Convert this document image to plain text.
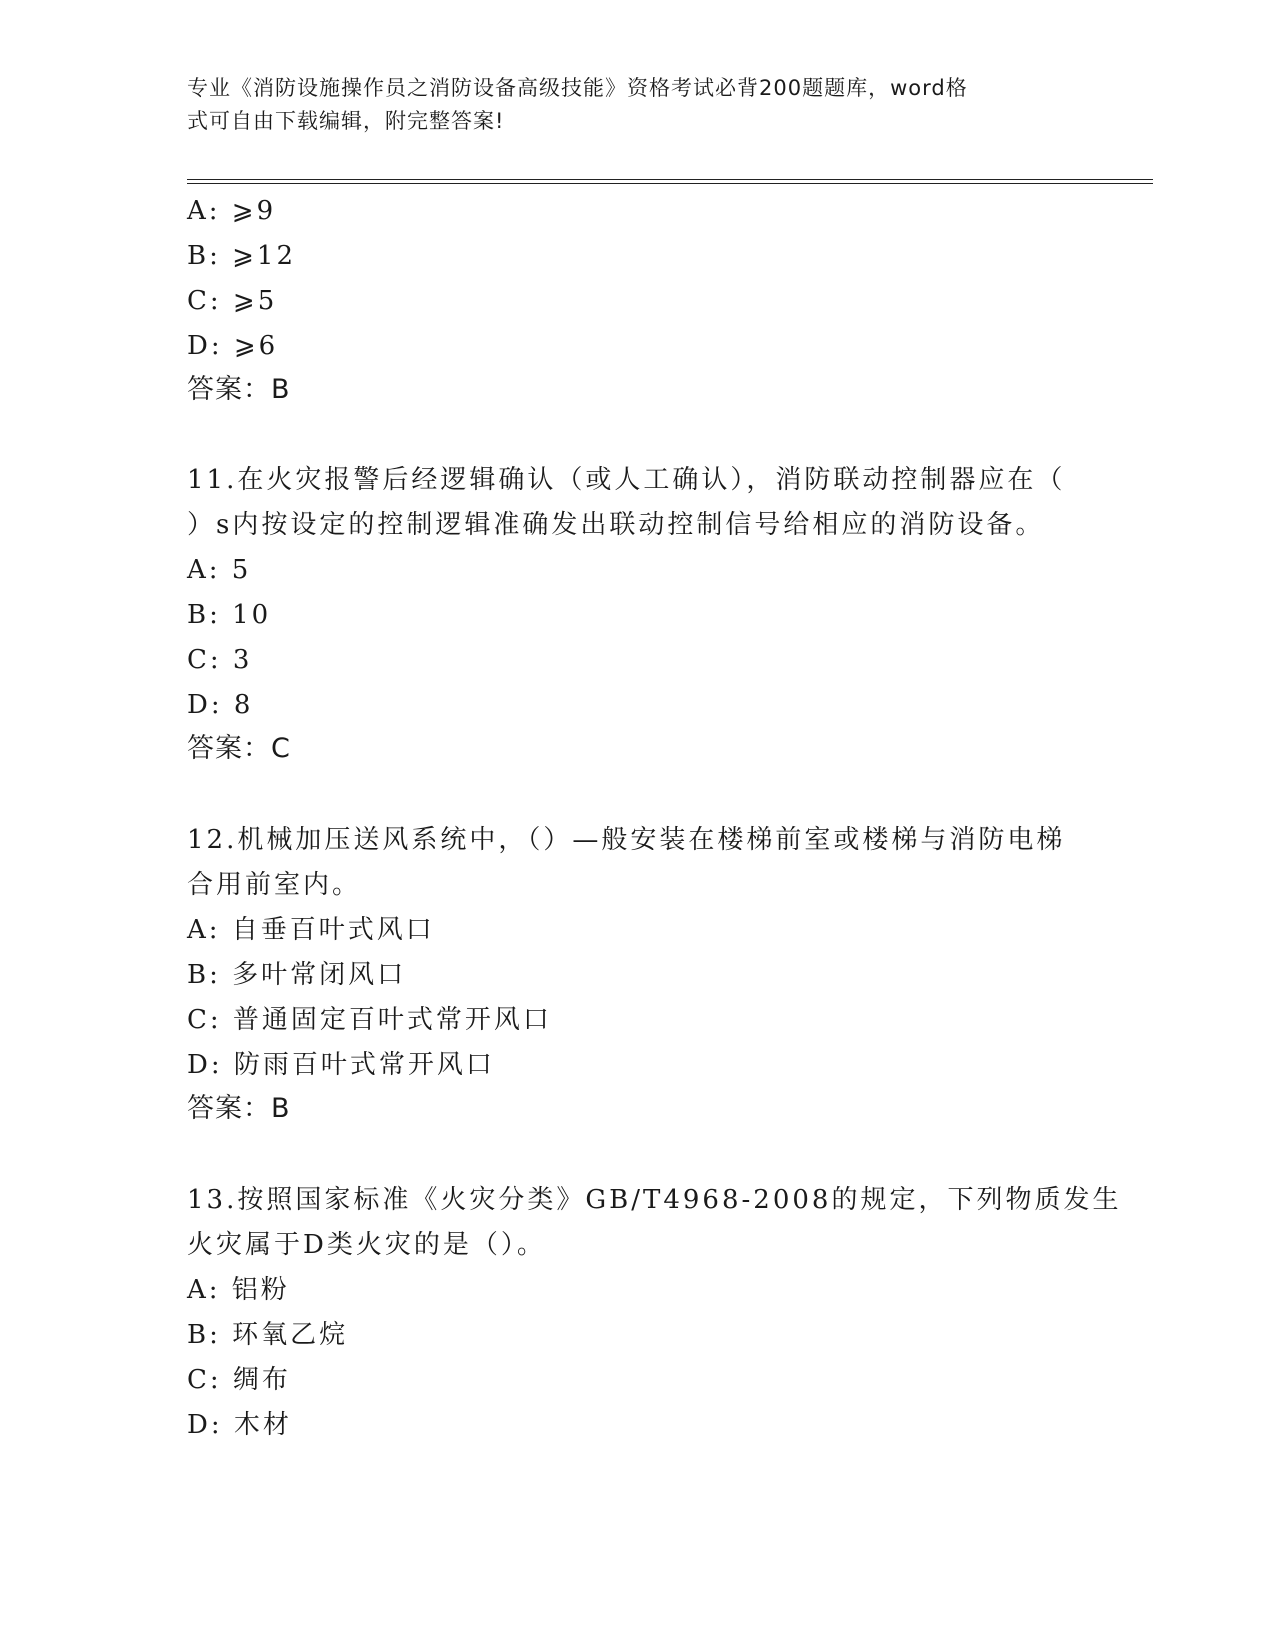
专业《消防设施操作员之消防设备高级技能》资格考试必背200题题库，word格
式可自由下载编辑，附完整答案!
A: ⩾9
B: ⩾12
C: ⩾5
D: ⩾6
答案：B
11.在火灾报警后经逻辑确认（或人工确认），消防联动控制器应在（
）s内按设定的控制逻辑准确发出联动控制信号给相应的消防设备。
A: 5
B: 10
C: 3
D: 8
答案：C
12.机械加压送风系统中，（）—般安装在楼梯前室或楼梯与消防电梯
合用前室内。
A: 自垂百叶式风口
B: 多叶常闭风口
C: 普通固定百叶式常开风口
D: 防雨百叶式常开风口
答案：B
13.按照国家标准《火灾分类》GB/T4968-2008的规定，下列物质发生
火灾属于D类火灾的是（）。
A: 铝粉
B: 环氧乙烷
C: 绸布
D: 木材
